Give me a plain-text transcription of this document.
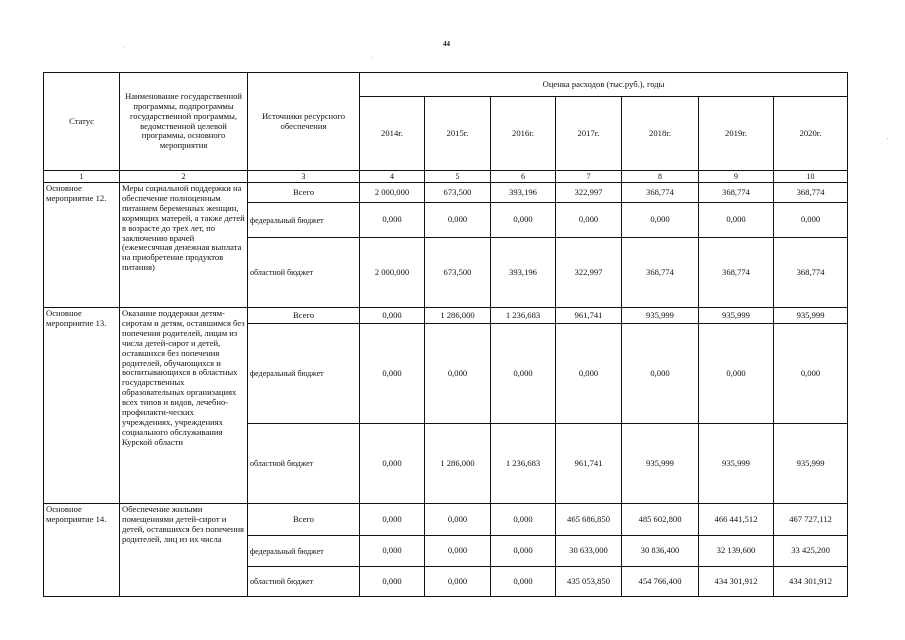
44
.
.
'
Статус	Наименование государственной программы, подпрограммы государственной программы, ведомственной целевой программы, основного мероприятия	Источники ресурсного обеспечения	Оценка расходов (тыс.руб.), годы						
			2014г.	2015г.	2016г.	2017г.	2018г.	2019г.	2020г.
1	2	3	4	5	6	7	8	9	10
Основное мероприятие 12.	Меры социальной поддержки на обеспечение полноценным питанием беременных женщин, кормящих матерей, а также детей в возрасте до трех лет, по заключению врачей (ежемесячная денежная выплата на приобретение продуктов питания)	Всего	2 000,000	673,500	393,196	322,997	368,774	368,774	368,774
		федеральный бюджет	0,000	0,000	0,000	0,000	0,000	0,000	0,000
		областной бюджет	2 000,000	673,500	393,196	322,997	368,774	368,774	368,774
Основное мероприятие 13.	Оказание поддержки детям-сиротам и детям, оставшимся без попечения родителей, лицам из числа детей-сирот и детей, оставшихся без попечения родителей, обучающихся и воспитывающихся в областных государственных образовательных организациях всех типов и видов, лечебно-профилакти-ческих учреждениях, учреждениях социального обслуживания Курской области	Всего	0,000	1 286,000	1 236,683	961,741	935,999	935,999	935,999
		федеральный бюджет	0,000	0,000	0,000	0,000	0,000	0,000	0,000
		областной бюджет	0,000	1 286,000	1 236,683	961,741	935,999	935,999	935,999
Основное мероприятие 14.	Обеспечение жилыми помещениями детей-сирот и детей, оставшихся без попечения родителей, лиц из их числа	Всего	0,000	0,000	0,000	465 686,850	485 602,800	466 441,512	467 727,112
		федеральный бюджет	0,000	0,000	0,000	30 633,000	30 836,400	32 139,600	33 425,200
		областной бюджет	0,000	0,000	0,000	435 053,850	454 766,400	434 301,912	434 301,912
